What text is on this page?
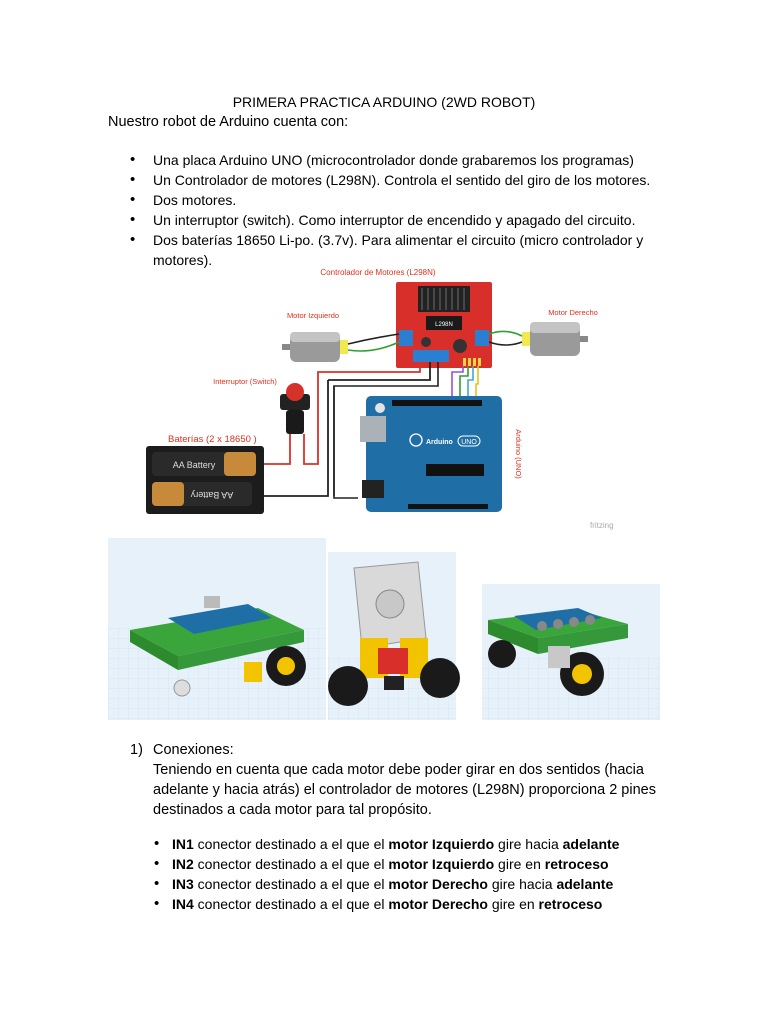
PRIMERA PRACTICA ARDUINO (2WD ROBOT)
Nuestro robot de Arduino cuenta con:
• Una placa Arduino UNO (microcontrolador donde grabaremos los programas)
• Un Controlador de motores (L298N). Controla el sentido del giro de los motores.
• Dos motores.
• Un interruptor (switch). Como interruptor de encendido y apagado del circuito.
• Dos baterías 18650 Li-po. (3.7v). Para alimentar el circuito (micro controlador y motores).
Controlador de Motores (L298N)
L298N
Motor Izquierdo	Motor Derecho
Interruptor (Switch)
Baterías (2 x 18650 )
AA Battery
AA Battery
Arduino UNO	Arduino (UNO)
fritzing
1) Conexiones:
Teniendo en cuenta que cada motor debe poder girar en dos sentidos (hacia adelante y hacia atrás) el controlador de motores (L298N) proporciona 2 pines destinados a cada motor para tal propósito.
• IN1 conector destinado a el que el motor Izquierdo gire hacia adelante
• IN2 conector destinado a el que el motor Izquierdo gire en retroceso
• IN3 conector destinado a el que el motor Derecho gire hacia adelante
• IN4 conector destinado a el que el motor Derecho gire en retroceso
